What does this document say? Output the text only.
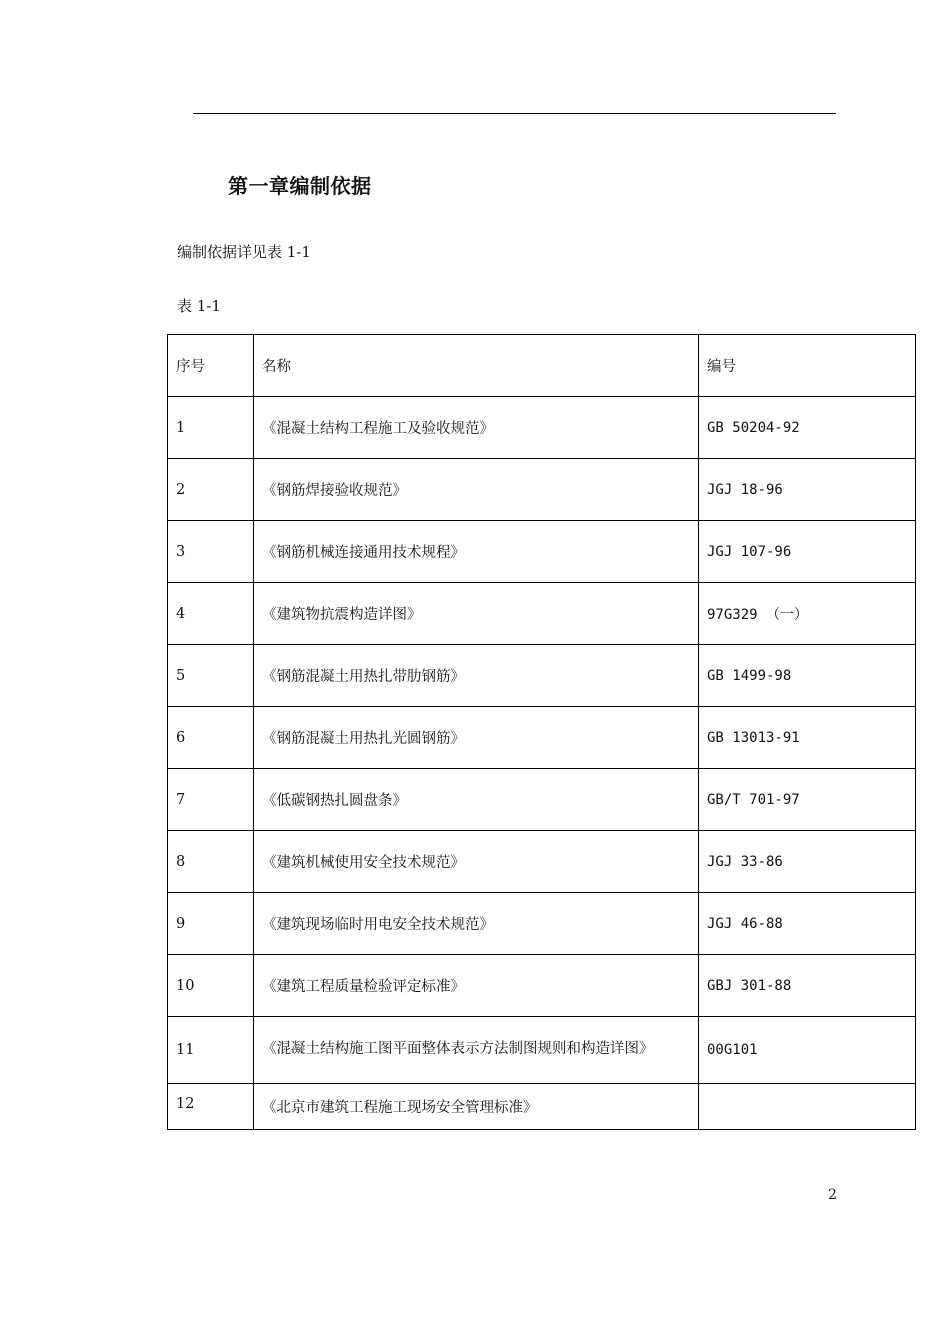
第一章编制依据
编制依据详见表 1-1
表 1-1
序号	名称	编号
1	《混凝土结构工程施工及验收规范》	GB 50204-92
2	《钢筋焊接验收规范》	JGJ 18-96
3	《钢筋机械连接通用技术规程》	JGJ 107-96
4	《建筑物抗震构造详图》	97G329 （一）
5	《钢筋混凝土用热扎带肋钢筋》	GB 1499-98
6	《钢筋混凝土用热扎光圆钢筋》	GB 13013-91
7	《低碳钢热扎圆盘条》	GB/T 701-97
8	《建筑机械使用安全技术规范》	JGJ 33-86
9	《建筑现场临时用电安全技术规范》	JGJ 46-88
10	《建筑工程质量检验评定标准》	GBJ 301-88
11	《混凝土结构施工图平面整体表示方法制图规则和构造详图》	00G101
12	《北京市建筑工程施工现场安全管理标准》	
2
